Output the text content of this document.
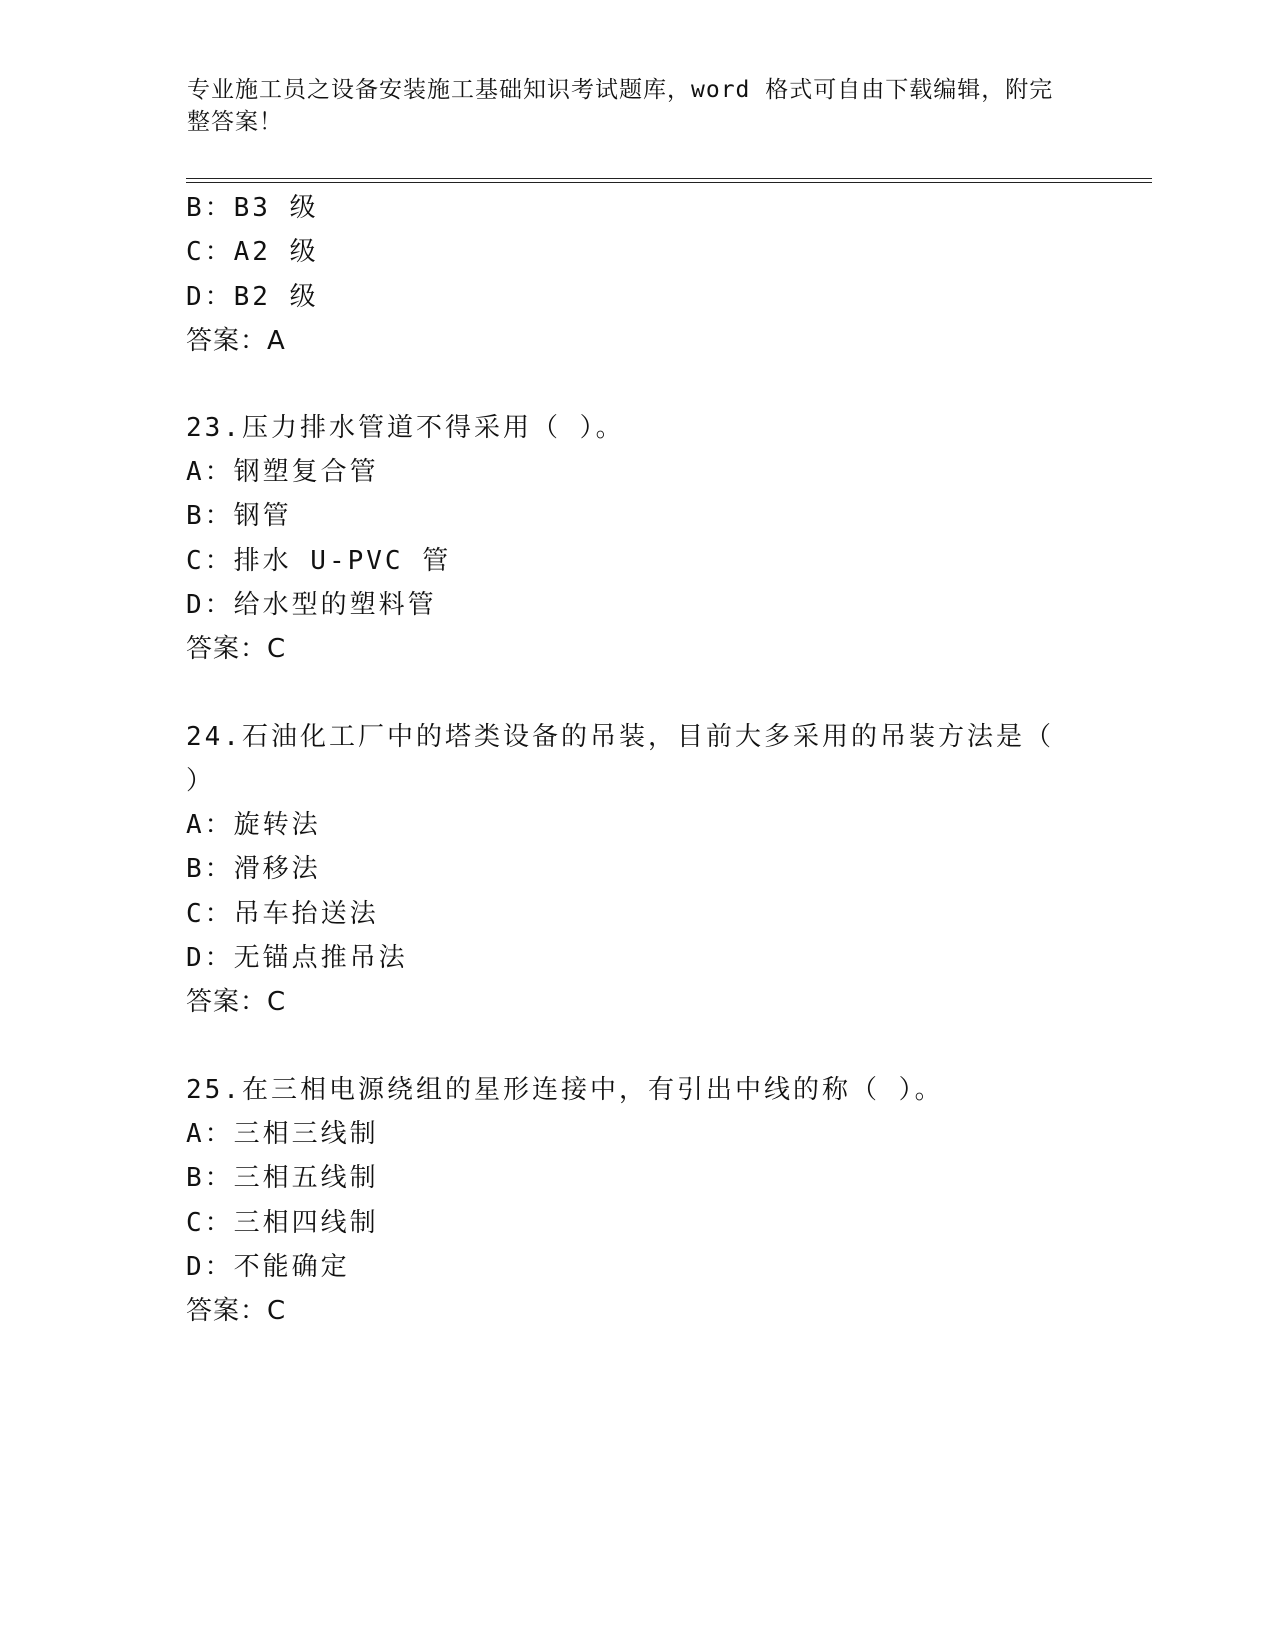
专业施工员之设备安装施工基础知识考试题库，word 格式可自由下载编辑，附完
整答案！
B：B3 级
C：A2 级
D：B2 级
答案：A
23.压力排水管道不得采用（ ）。
A：钢塑复合管
B：钢管
C：排水 U-PVC 管
D：给水型的塑料管
答案：C
24.石油化工厂中的塔类设备的吊装，目前大多采用的吊装方法是（
）
A：旋转法
B：滑移法
C：吊车抬送法
D：无锚点推吊法
答案：C
25.在三相电源绕组的星形连接中，有引出中线的称（ ）。
A：三相三线制
B：三相五线制
C：三相四线制
D：不能确定
答案：C
